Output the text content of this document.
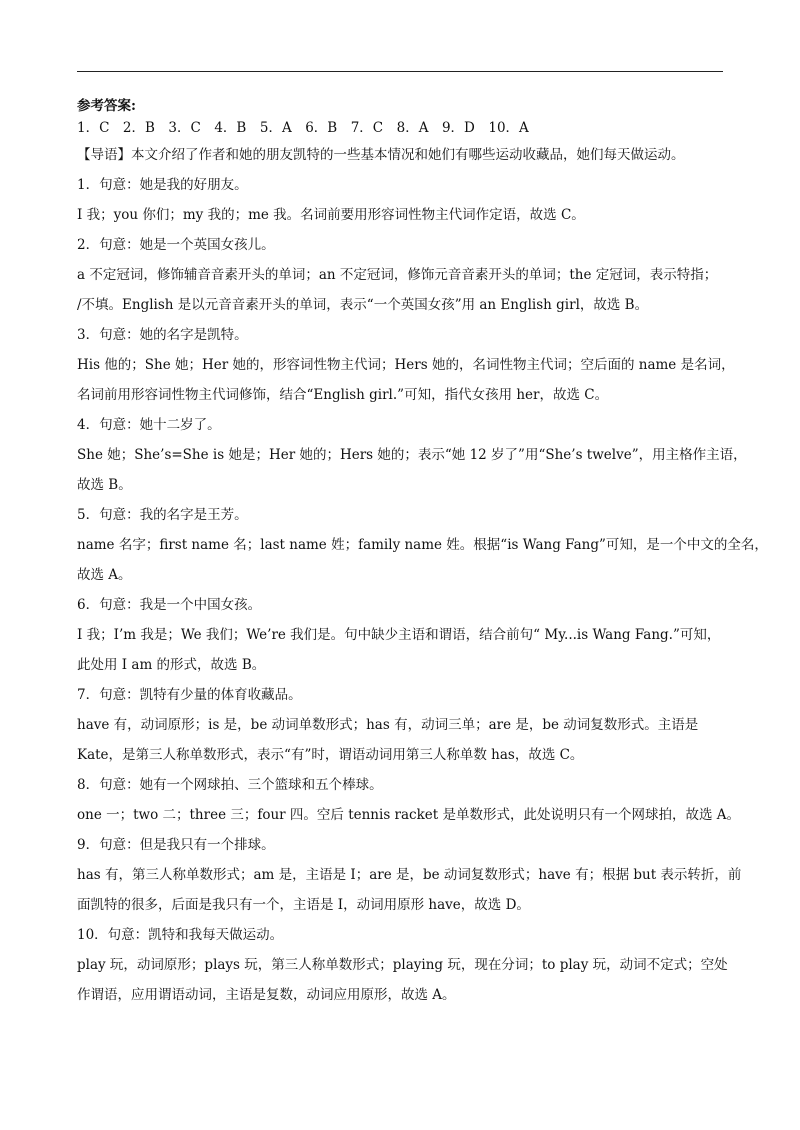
参考答案:
1．C　2．B　3．C　4．B　5．A　6．B　7．C　8．A　9．D　10．A
【导语】本文介绍了作者和她的朋友凯特的一些基本情况和她们有哪些运动收藏品，她们每天做运动。
1．句意：她是我的好朋友。
I 我；you 你们；my 我的；me 我。名词前要用形容词性物主代词作定语，故选 C。
2．句意：她是一个英国女孩儿。
a 不定冠词，修饰辅音音素开头的单词；an 不定冠词，修饰元音音素开头的单词；the 定冠词，表示特指；
/不填。English 是以元音音素开头的单词，表示“一个英国女孩”用 an English girl，故选 B。
3．句意：她的名字是凯特。
His 他的；She 她；Her 她的，形容词性物主代词；Hers 她的，名词性物主代词；空后面的 name 是名词，
名词前用形容词性物主代词修饰，结合“English girl.”可知，指代女孩用 her，故选 C。
4．句意：她十二岁了。
She 她；She’s=She is 她是；Her 她的；Hers 她的；表示“她 12 岁了”用“She’s twelve”，用主格作主语，
故选 B。
5．句意：我的名字是王芳。
name 名字；first name 名；last name 姓；family name 姓。根据“is Wang Fang”可知，是一个中文的全名，
故选 A。
6．句意：我是一个中国女孩。
I 我；I’m 我是；We 我们；We’re 我们是。句中缺少主语和谓语，结合前句“ My...is Wang Fang.”可知，
此处用 I am 的形式，故选 B。
7．句意：凯特有少量的体育收藏品。
have 有，动词原形；is 是，be 动词单数形式；has 有，动词三单；are 是，be 动词复数形式。主语是
Kate，是第三人称单数形式，表示“有”时，谓语动词用第三人称单数 has，故选 C。
8．句意：她有一个网球拍、三个篮球和五个棒球。
one 一；two 二；three 三；four 四。空后 tennis racket 是单数形式，此处说明只有一个网球拍，故选 A。
9．句意：但是我只有一个排球。
has 有，第三人称单数形式；am 是，主语是 I；are 是，be 动词复数形式；have 有；根据 but 表示转折，前
面凯特的很多，后面是我只有一个，主语是 I，动词用原形 have，故选 D。
10．句意：凯特和我每天做运动。
play 玩，动词原形；plays 玩，第三人称单数形式；playing 玩，现在分词；to play 玩，动词不定式；空处
作谓语，应用谓语动词，主语是复数，动词应用原形，故选 A。
